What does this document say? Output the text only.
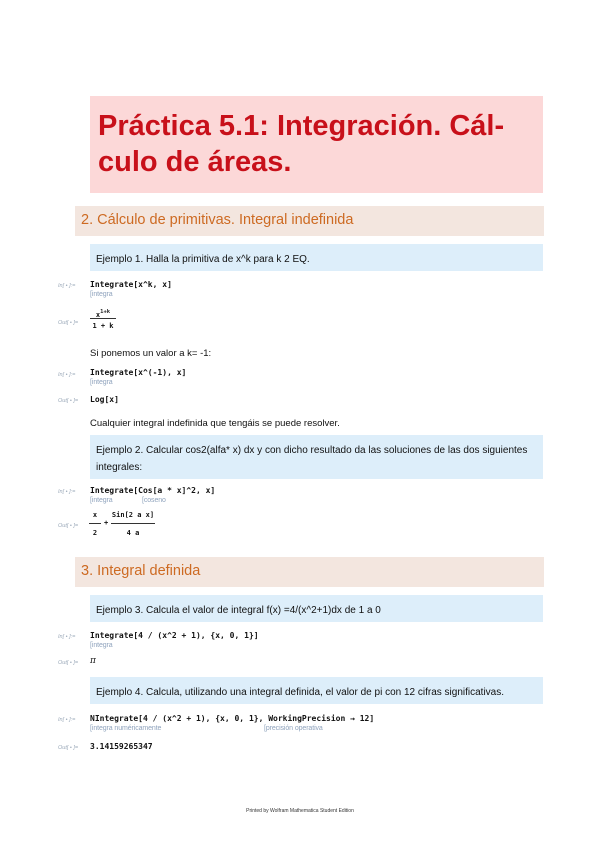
Práctica 5.1: Integración. Cál-
culo de áreas.
2. Cálculo de primitivas. Integral indefinida
Ejemplo 1. Halla la primitiva de x^k para k 2 EQ.
In[ • ]:= Integrate[x^k, x]
[ integra
Out[ • ]=
$x^{1+k}$
1 + k
Si ponemos un valor a k= -1:
In[ • ]:= Integrate[x^(-1), x]
[ integra
Out[ • ]= Log[x]
Cualquier integral indefinida que tengáis se puede resolver.
Ejemplo 2. Calcular cos2(alfa* x) dx y con dicho resultado da las soluciones de las dos siguientes integrales:
In[ • ]:= Integrate[Cos[a * x]^2, x]
[ integra	[ coseno
Out[ • ]=
x
2
+
Sin[2 a x]
4 a
3. Integral definida
Ejemplo 3. Calcula el valor de integral f(x) =4/(x^2+1)dx de 1 a 0
In[ • ]:= Integrate[4 / (x^2 + 1), {x, 0, 1}]
[ integra
Out[ • ]= π
Ejemplo 4. Calcula, utilizando una integral definida, el valor de pi con 12 cifras significativas.
In[ • ]:= NIntegrate[4 / (x^2 + 1), {x, 0, 1}, WorkingPrecision → 12]
[ integra numéricamente	[ precisión operativa
Out[ • ]= 3.14159265347
Printed by Wolfram Mathematica Student Edition
